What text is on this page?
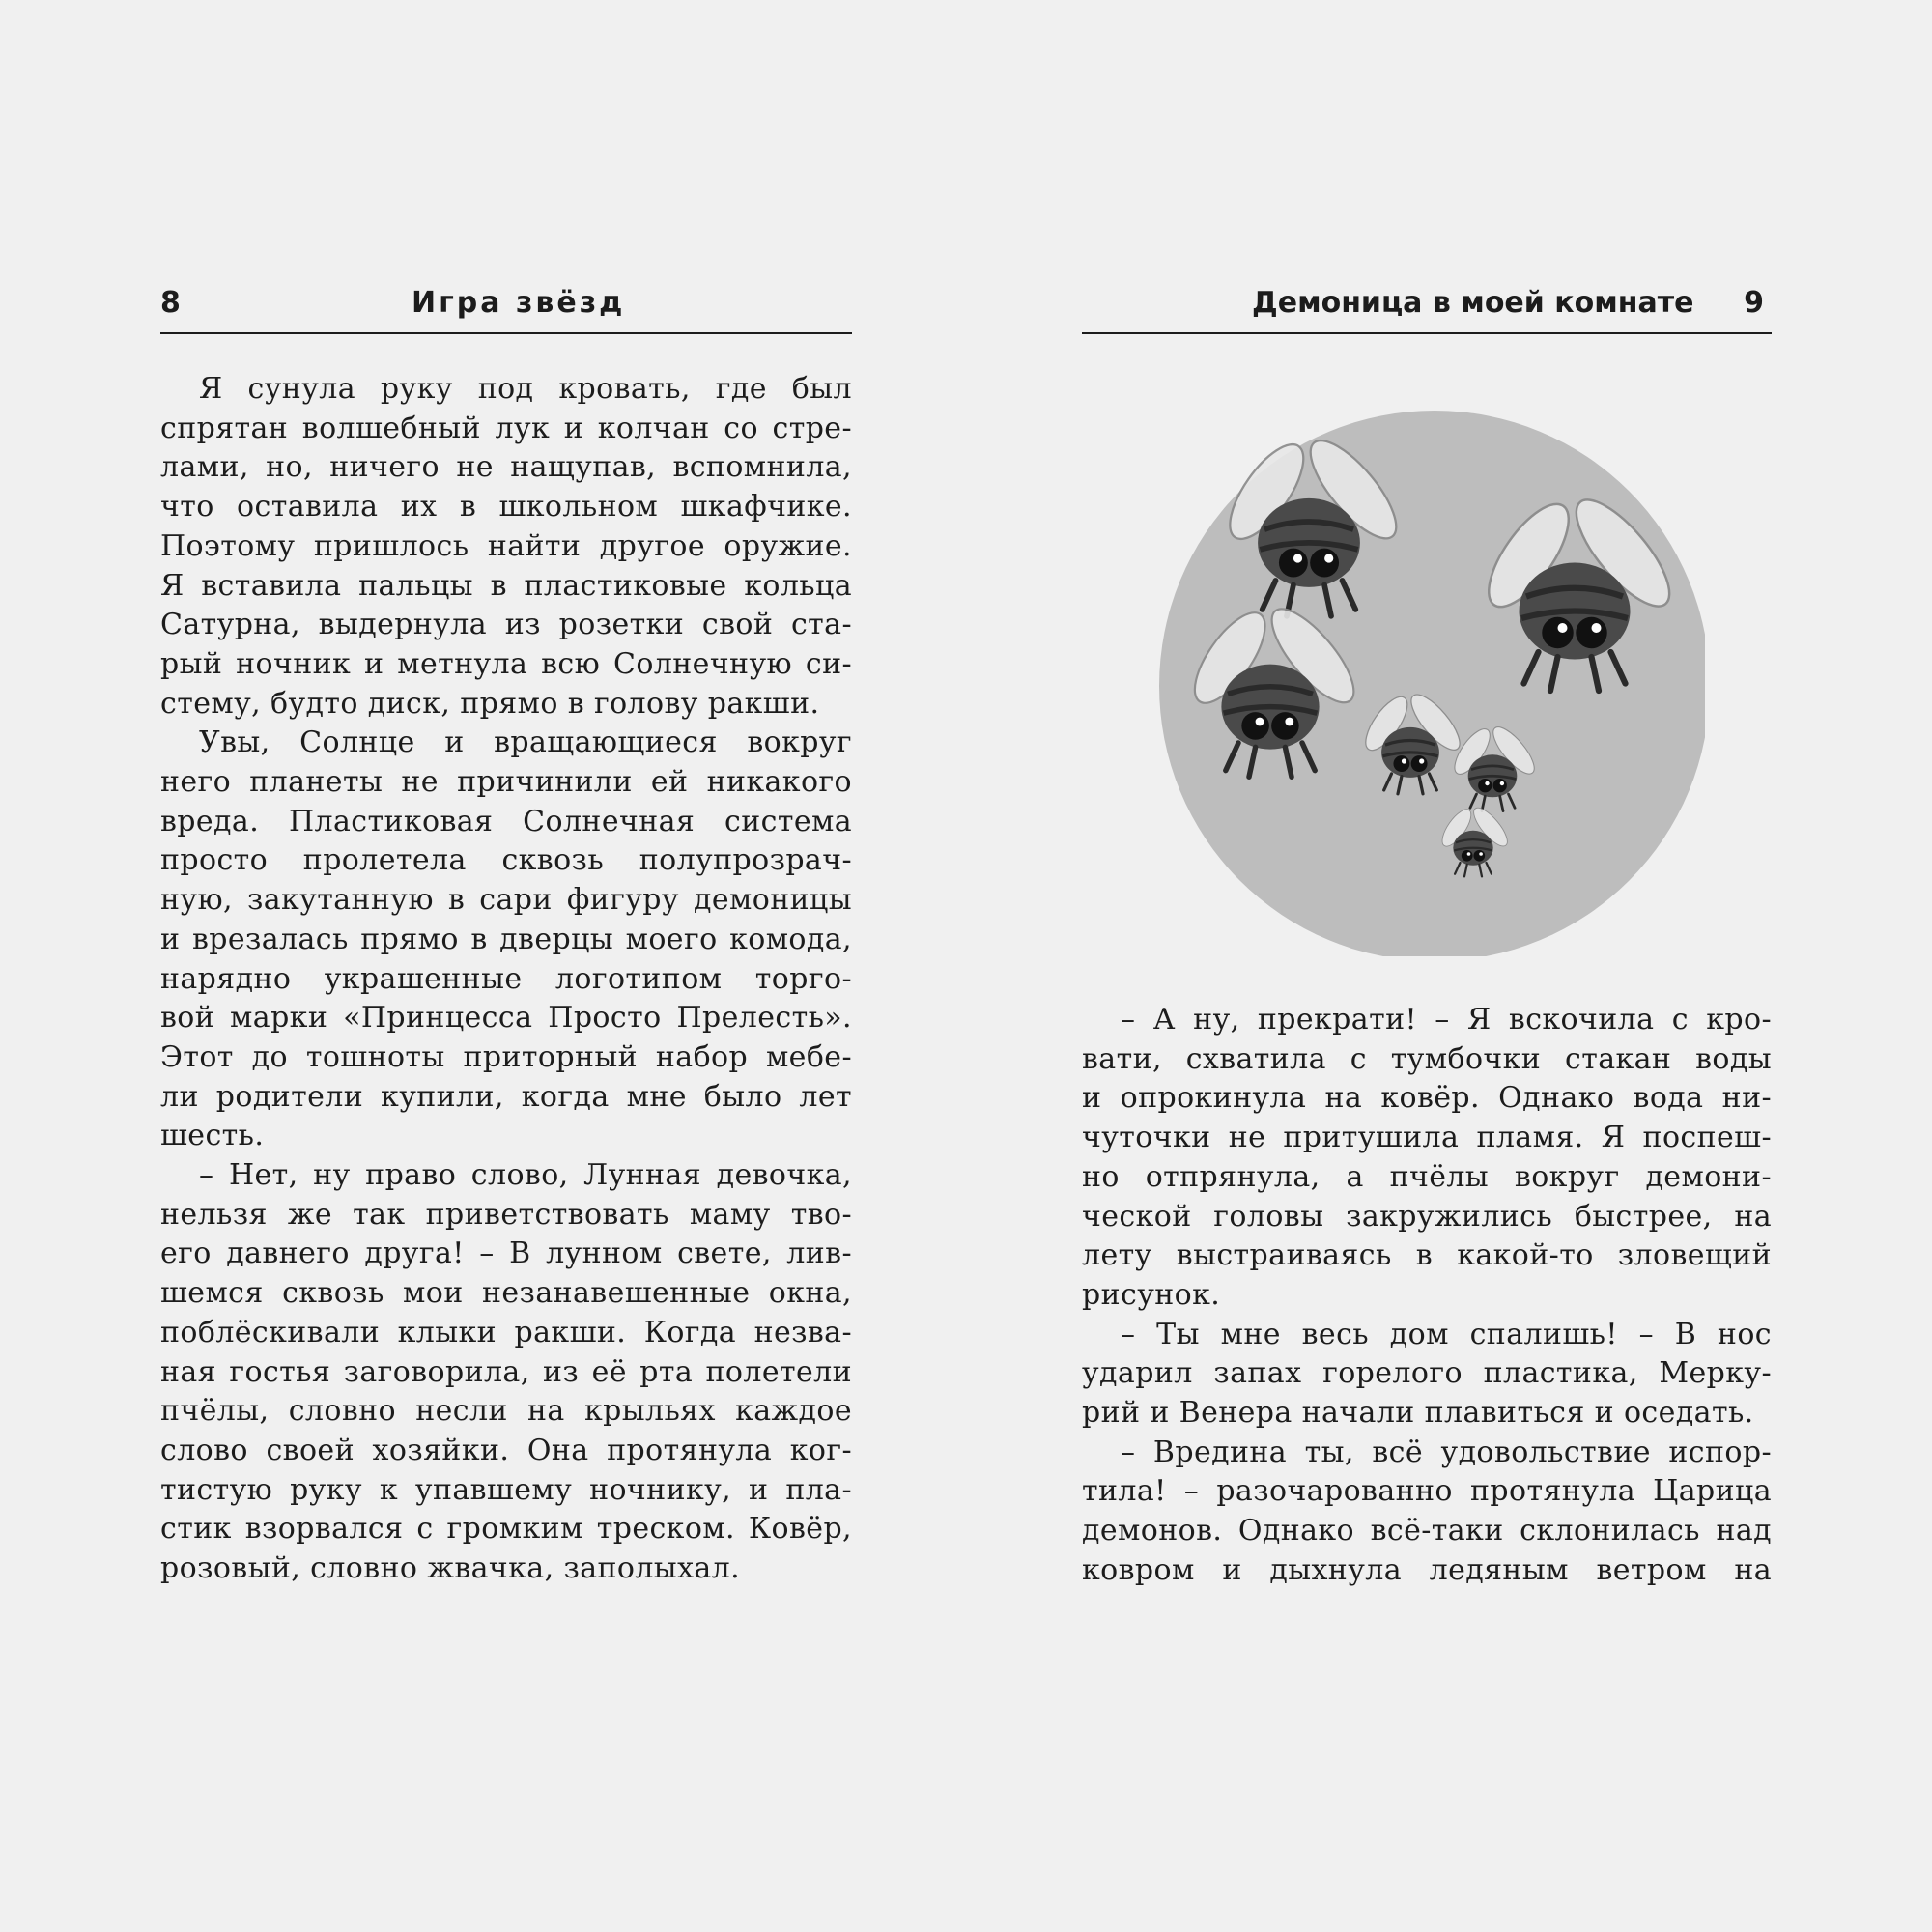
8	Игра звёзд
Я сунула руку под кровать, где был
спрятан волшебный лук и колчан со стре-
лами, но, ничего не нащупав, вспомнила,
что оставила их в школьном шкафчике.
Поэтому пришлось найти другое оружие.
Я вставила пальцы в пластиковые кольца
Сатурна, выдернула из розетки свой ста-
рый ночник и метнула всю Солнечную си-
стему, будто диск, прямо в голову ракши.
Увы, Солнце и вращающиеся вокруг
него планеты не причинили ей никакого
вреда. Пластиковая Солнечная система
просто пролетела сквозь полупрозрач-
ную, закутанную в сари фигуру демоницы
и врезалась прямо в дверцы моего комода,
нарядно украшенные логотипом торго-
вой марки «Принцесса Просто Прелесть».
Этот до тошноты приторный набор мебе-
ли родители купили, когда мне было лет
шесть.
– Нет, ну право слово, Лунная девочка,
нельзя же так приветствовать маму тво-
его давнего друга! – В лунном свете, лив-
шемся сквозь мои незанавешенные окна,
поблёскивали клыки ракши. Когда незва-
ная гостья заговорила, из её рта полетели
пчёлы, словно несли на крыльях каждое
слово своей хозяйки. Она протянула ког-
тистую руку к упавшему ночнику, и пла-
стик взорвался с громким треском. Ковёр,
розовый, словно жвачка, заполыхал.
Демоница в моей комнате 9
– А ну, прекрати! – Я вскочила с кро-
вати, схватила с тумбочки стакан воды
и опрокинула на ковёр. Однако вода ни-
чуточки не притушила пламя. Я поспеш-
но отпрянула, а пчёлы вокруг демони-
ческой головы закружились быстрее, на
лету выстраиваясь в какой-то зловещий
рисунок.
– Ты мне весь дом спалишь! – В нос
ударил запах горелого пластика, Мерку-
рий и Венера начали плавиться и оседать.
– Вредина ты, всё удовольствие испор-
тила! – разочарованно протянула Царица
демонов. Однако всё-таки склонилась над
ковром и дыхнула ледяным ветром на
